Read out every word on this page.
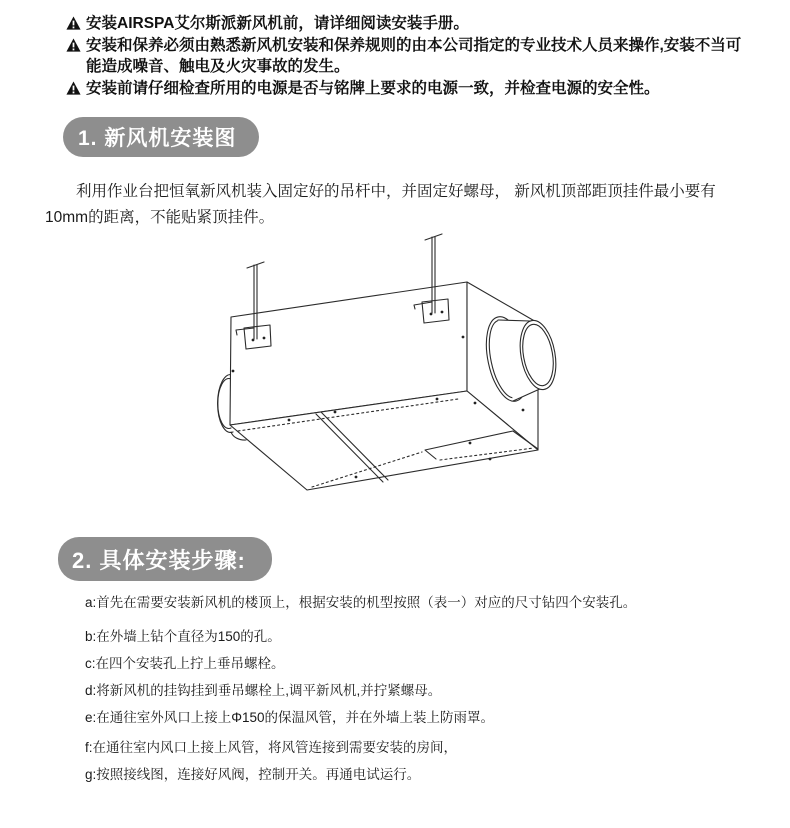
安装AIRSPA艾尔斯派新风机前，请详细阅读安装手册。
安装和保养必须由熟悉新风机安装和保养规则的由本公司指定的专业技术人员来操作,安装不当可能造成噪音、触电及火灾事故的发生。
安装前请仔细检查所用的电源是否与铭牌上要求的电源一致，并检查电源的安全性。
1. 新风机安装图

利用作业台把恒氧新风机装入固定好的吊杆中，并固定好螺母， 新风机顶部距顶挂件最小要有10mm的距离，不能贴紧顶挂件。

2. 具体安装步骤:
a:首先在需要安装新风机的楼顶上，根据安装的机型按照（表一）对应的尺寸钻四个安装孔。
b:在外墙上钻个直径为150的孔。
c:在四个安装孔上拧上垂吊螺栓。
d:将新风机的挂钩挂到垂吊螺栓上,调平新风机,并拧紧螺母。
e:在通往室外风口上接上Φ150的保温风管，并在外墙上装上防雨罩。
f:在通往室内风口上接上风管，将风管连接到需要安装的房间，
g:按照接线图，连接好风阀，控制开关。再通电试运行。
